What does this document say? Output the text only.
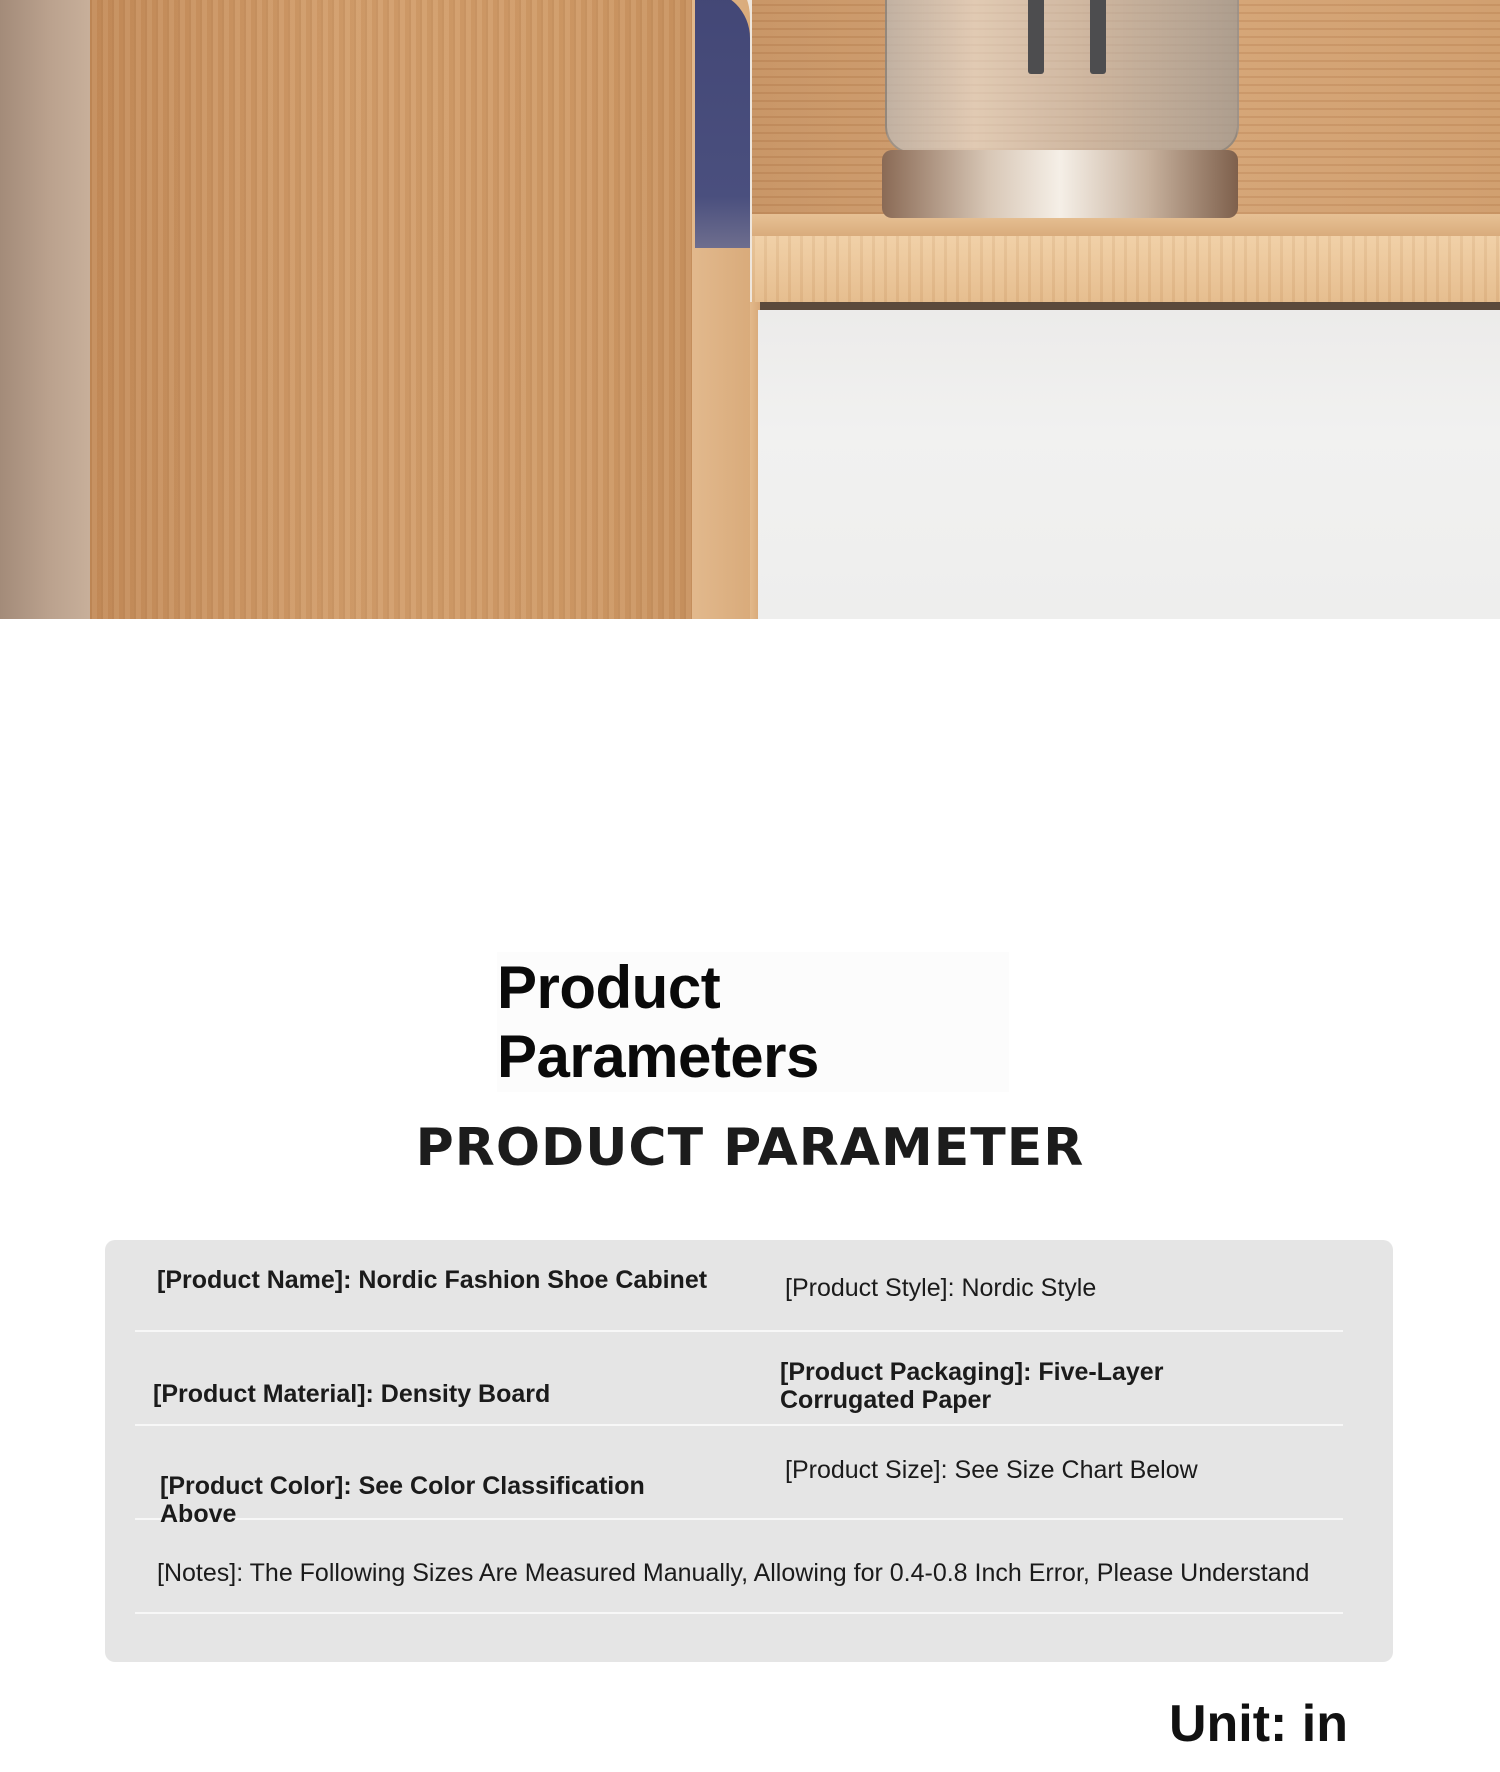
Product Parameters
PRODUCT PARAMETER
[Product Name]: Nordic Fashion Shoe Cabinet	[Product Style]: Nordic Style
[Product Material]: Density Board
[Product Packaging]: Five-Layer Corrugated Paper
[Product Color]: See Color Classification Above
[Product Size]: See Size Chart Below
[Notes]: The Following Sizes Are Measured Manually, Allowing for 0.4-0.8 Inch Error, Please Understand

Unit: in
